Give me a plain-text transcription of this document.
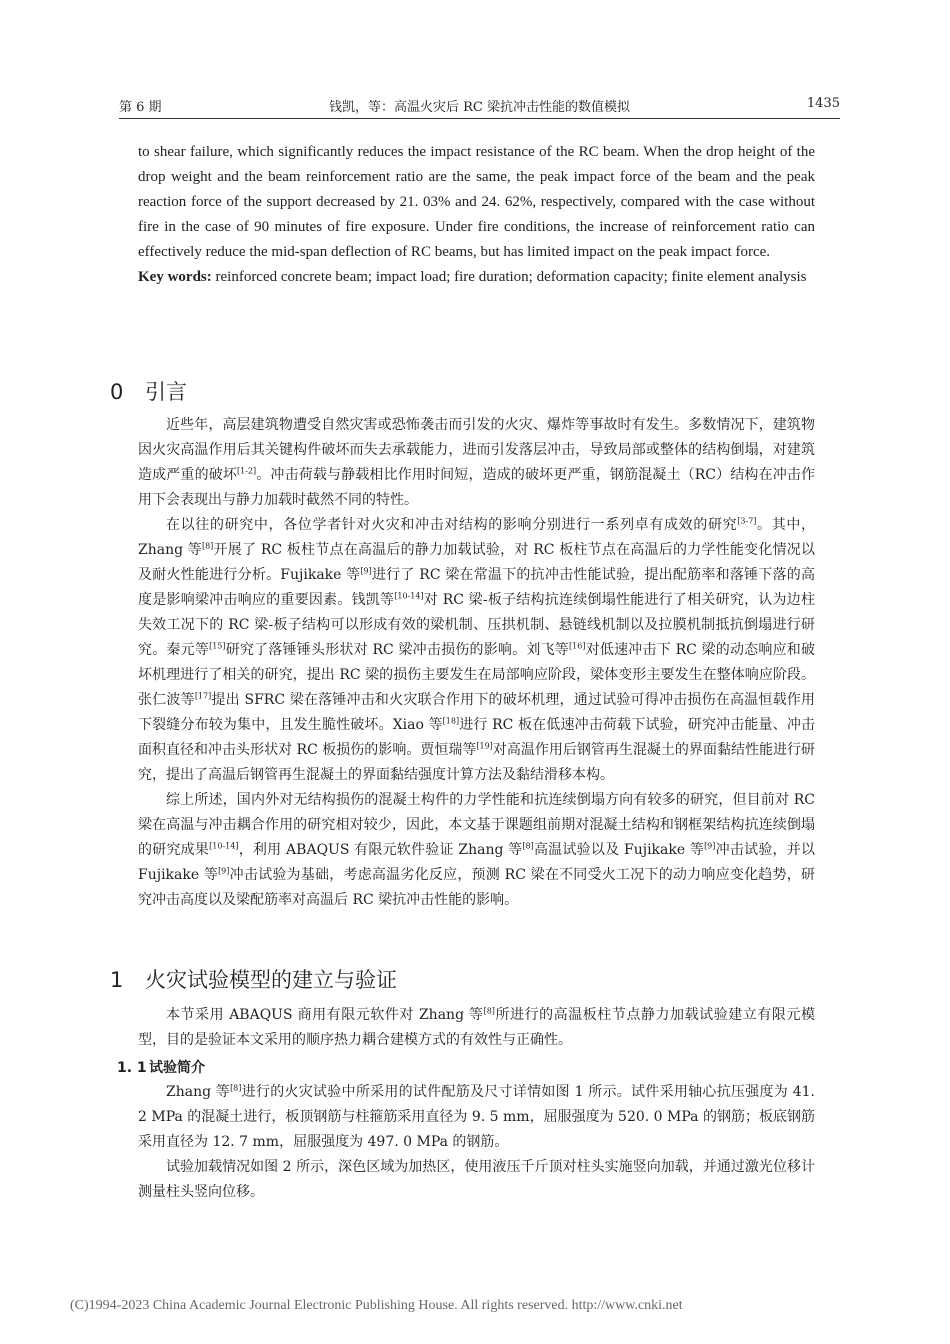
第 6 期	钱凯，等：高温火灾后 RC 梁抗冲击性能的数值模拟	1435

to shear failure, which significantly reduces the impact resistance of the RC beam. When the drop height of the drop weight and the beam reinforcement ratio are the same, the peak impact force of the beam and the peak reaction force of the support decreased by 21. 03% and 24. 62%, respectively, compared with the case without fire in the case of 90 minutes of fire exposure. Under fire conditions, the increase of reinforcement ratio can effectively reduce the mid-span deflection of RC beams, but has limited impact on the peak impact force.

Key words: reinforced concrete beam; impact load; fire duration; deformation capacity; finite element analysis

0 引言

近些年，高层建筑物遭受自然灾害或恐怖袭击而引发的火灾、爆炸等事故时有发生。多数情况下，建筑物因火灾高温作用后其关键构件破坏而失去承载能力，进而引发落层冲击，导致局部或整体的结构倒塌，对建筑造成严重的破坏[1-2]。冲击荷载与静载相比作用时间短，造成的破坏更严重，钢筋混凝土（RC）结构在冲击作用下会表现出与静力加载时截然不同的特性。

在以往的研究中，各位学者针对火灾和冲击对结构的影响分别进行一系列卓有成效的研究[3-7]。其中，Zhang 等[8]开展了 RC 板柱节点在高温后的静力加载试验，对 RC 板柱节点在高温后的力学性能变化情况以及耐火性能进行分析。Fujikake 等[9]进行了 RC 梁在常温下的抗冲击性能试验，提出配筋率和落锤下落的高度是影响梁冲击响应的重要因素。钱凯等[10-14]对 RC 梁-板子结构抗连续倒塌性能进行了相关研究，认为边柱失效工况下的 RC 梁-板子结构可以形成有效的梁机制、压拱机制、悬链线机制以及拉膜机制抵抗倒塌进行研究。秦元等[15]研究了落锤锤头形状对 RC 梁冲击损伤的影响。刘飞等[16]对低速冲击下 RC 梁的动态响应和破坏机理进行了相关的研究，提出 RC 梁的损伤主要发生在局部响应阶段，梁体变形主要发生在整体响应阶段。张仁波等[17]提出 SFRC 梁在落锤冲击和火灾联合作用下的破坏机理，通过试验可得冲击损伤在高温恒载作用下裂缝分布较为集中，且发生脆性破坏。Xiao 等[18]进行 RC 板在低速冲击荷载下试验，研究冲击能量、冲击面积直径和冲击头形状对 RC 板损伤的影响。贾恒瑞等[19]对高温作用后钢管再生混凝土的界面黏结性能进行研究，提出了高温后钢管再生混凝土的界面黏结强度计算方法及黏结滑移本构。

综上所述，国内外对无结构损伤的混凝土构件的力学性能和抗连续倒塌方向有较多的研究，但目前对 RC 梁在高温与冲击耦合作用的研究相对较少，因此，本文基于课题组前期对混凝土结构和钢框架结构抗连续倒塌的研究成果[10-14]，利用 ABAQUS 有限元软件验证 Zhang 等[8]高温试验以及 Fujikake 等[9]冲击试验，并以 Fujikake 等[9]冲击试验为基础，考虑高温劣化反应，预测 RC 梁在不同受火工况下的动力响应变化趋势，研究冲击高度以及梁配筋率对高温后 RC 梁抗冲击性能的影响。

1 火灾试验模型的建立与验证

本节采用 ABAQUS 商用有限元软件对 Zhang 等[8]所进行的高温板柱节点静力加载试验建立有限元模型，目的是验证本文采用的顺序热力耦合建模方式的有效性与正确性。

1. 1 试验简介

Zhang 等[8]进行的火灾试验中所采用的试件配筋及尺寸详情如图 1 所示。试件采用轴心抗压强度为 41. 2 MPa 的混凝土进行，板顶钢筋与柱箍筋采用直径为 9. 5 mm，屈服强度为 520. 0 MPa 的钢筋；板底钢筋采用直径为 12. 7 mm，屈服强度为 497. 0 MPa 的钢筋。

试验加载情况如图 2 所示，深色区域为加热区，使用液压千斤顶对柱头实施竖向加载，并通过激光位移计测量柱头竖向位移。

(C)1994-2023 China Academic Journal Electronic Publishing House. All rights reserved. http://www.cnki.net
